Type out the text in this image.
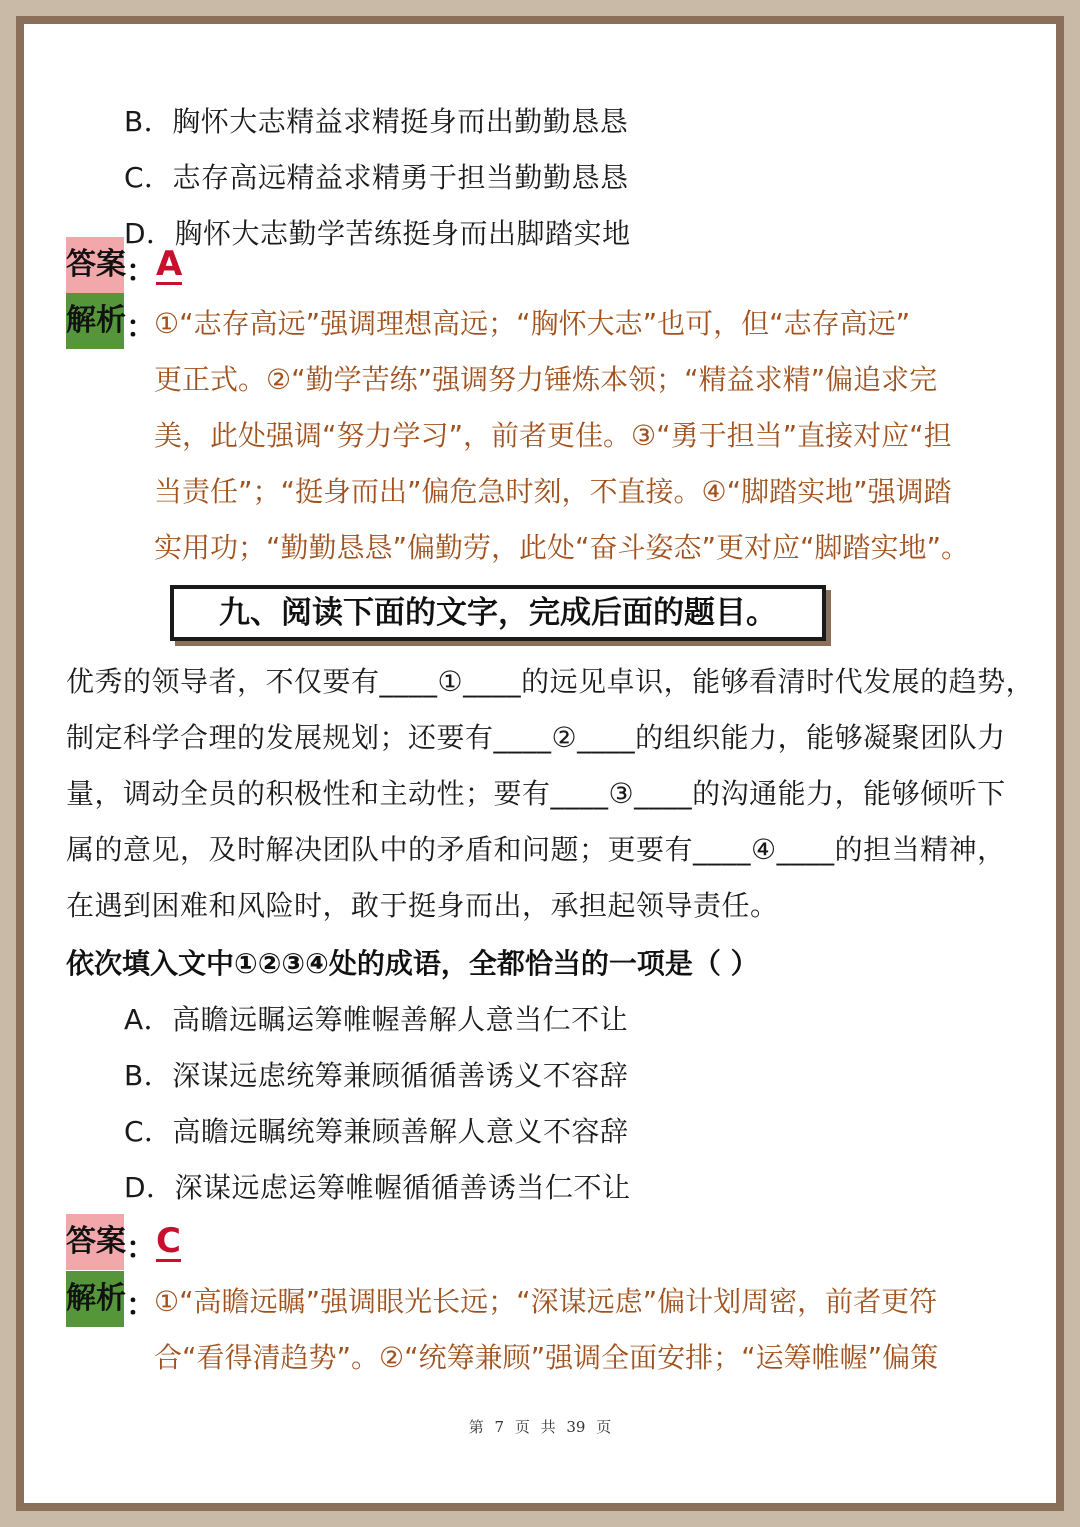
B．胸怀大志精益求精挺身而出勤勤恳恳
C．志存高远精益求精勇于担当勤勤恳恳
D．胸怀大志勤学苦练挺身而出脚踏实地
答案 ： A
解析 ：
①“志存高远”强调理想高远；“胸怀大志”也可，但“志存高远”
更正式。②“勤学苦练”强调努力锤炼本领；“精益求精”偏追求完
美，此处强调“努力学习”，前者更佳。③“勇于担当”直接对应“担
当责任”；“挺身而出”偏危急时刻，不直接。④“脚踏实地”强调踏
实用功；“勤勤恳恳”偏勤劳，此处“奋斗姿态”更对应“脚踏实地”。
九、阅读下面的文字，完成后面的题目。
优秀的领导者，不仅要有____①____的远见卓识，能够看清时代发展的趋势，
制定科学合理的发展规划；还要有____②____的组织能力，能够凝聚团队力
量，调动全员的积极性和主动性；要有____③____的沟通能力，能够倾听下
属的意见，及时解决团队中的矛盾和问题；更要有____④____的担当精神，
在遇到困难和风险时，敢于挺身而出，承担起领导责任。
依次填入文中①②③④处的成语，全都恰当的一项是（ ）
A．高瞻远瞩运筹帷幄善解人意当仁不让
B．深谋远虑统筹兼顾循循善诱义不容辞
C．高瞻远瞩统筹兼顾善解人意义不容辞
D．深谋远虑运筹帷幄循循善诱当仁不让
答案 ： C
解析 ：
①“高瞻远瞩”强调眼光长远；“深谋远虑”偏计划周密，前者更符
合“看得清趋势”。②“统筹兼顾”强调全面安排；“运筹帷幄”偏策
第 7 页 共 39 页
